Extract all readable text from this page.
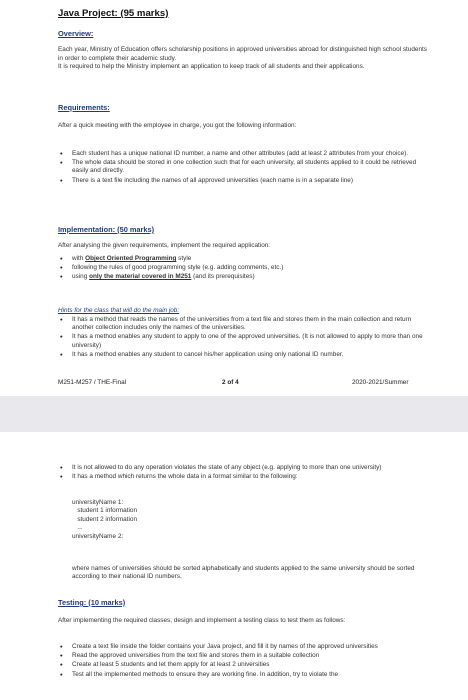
Java Project: (95 marks)
Overview:

Each year, Ministry of Education offers scholarship positions in approved universities abroad for distinguished high school students in order to complete their academic study.

It is required to help the Ministry implement an application to keep track of all students and their applications.

Requirements:

After a quick meeting with the employee in charge, you got the following information:

• Each student has a unique national ID number, a name and other attributes (add at least 2 attributes from your choice).
• The whole data should be stored in one collection such that for each university, all students applied to it could be retrieved easily and directly.
• There is a text file including the names of all approved universities (each name is in a separate line)
Implementation: (50 marks)

After analysing the given requirements, implement the required application:

• with Object Oriented Programming style
• following the rules of good programming style (e.g. adding comments, etc.)
• using only the material covered in M251 (and its prerequisites)
Hints for the class that will do the main job:
• It has a method that reads the names of the universities from a text file and stores them in the main collection and return another collection includes only the names of the universities.
• It has a method enables any student to apply to one of the approved universities. (It is not allowed to apply to more than one university)
• It has a method enables any student to cancel his/her application using only national ID number.
M251-M257 / THE-Final	2 of 4	2020-2021/Summer
• It is not allowed to do any operation violates the state of any object (e.g. applying to more than one university)
• It has a method which returns the whole data in a format similar to the following:
universityName 1:
student 1 information
student 2 information
...
universityName 2:
where names of universities should be sorted alphabetically and students applied to the same university should be sorted according to their national ID numbers.
Testing: (10 marks)

After implementing the required classes, design and implement a testing class to test them as follows:

• Create a text file inside the folder contains your Java project, and fill it by names of the approved universities
• Read the approved universities from the text file and stores them in a suitable collection
• Create at least 5 students and let them apply for at least 2 universities
• Test all the implemented methods to ensure they are working fine. In addition, try to violate the
